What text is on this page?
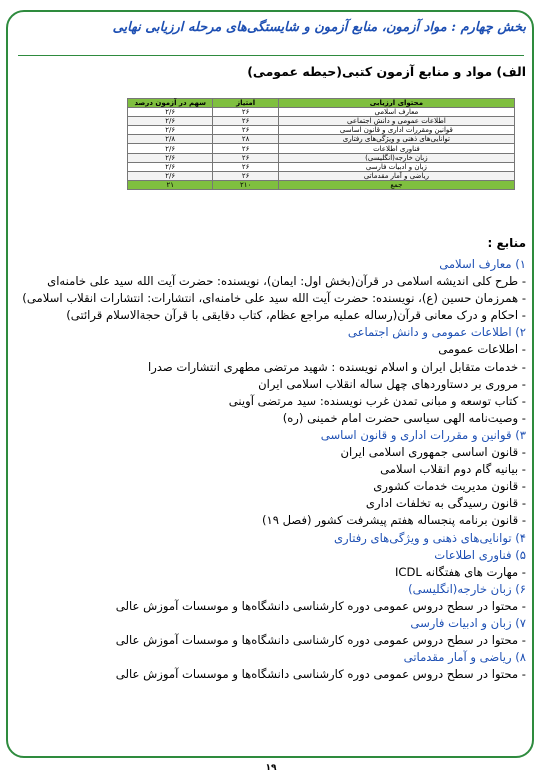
بخش چهارم : مواد آزمون، منابع آزمون و شایستگی‌های مرحله ارزیابی نهایی
الف) مواد و منابع آزمون کتبی(حیطه عمومی)
محتوای ارزیابی	امتیاز	سهم در آزمون درصد
معارف اسلامی	۲۶	۲/۶
اطلاعات عمومی و دانش اجتماعی	۲۶	۲/۶
قوانین ومقررات اداری و قانون اساسی	۲۶	۲/۶
توانایی‌های ذهنی و ویژگی‌های رفتاری	۲۸	۲/۸
فناوری اطلاعات	۲۶	۲/۶
زبان خارجه(انگلیسی)	۲۶	۲/۶
زبان و ادبیات فارسی	۲۶	۲/۶
ریاضی و آمار مقدماتی	۲۶	۲/۶
جمع	۲۱۰	۲۱
منابع :
۱) معارف اسلامی
- طرح کلی اندیشه اسلامی در قرآن(بخش اول: ایمان)، نویسنده: حضرت آیت الله سید علی خامنه‌ای
- همرزمان حسین (ع)، نویسنده: حضرت آیت الله سید علی خامنه‌ای، انتشارات: انتشارات انقلاب اسلامی)
- احکام و درک معانی قرآن(رساله عملیه مراجع عظام، کتاب دقایقی با قرآن حجةالاسلام قرائتی)
۲) اطلاعات عمومی و دانش اجتماعی
- اطلاعات عمومی
- خدمات متقابل ایران و اسلام نویسنده : شهید مرتضی مطهری انتشارات صدرا
- مروری بر دستاوردهای چهل ساله انقلاب اسلامی ایران
- کتاب توسعه و مبانی تمدن غرب نویسنده: سید مرتضی آوینی
- وصیت‌نامه الهی سیاسی حضرت امام خمینی (ره)
۳) قوانین و مقررات اداری و قانون اساسی
- قانون اساسی جمهوری اسلامی ایران
- بیانیه گام دوم انقلاب اسلامی
- قانون مدیریت خدمات کشوری
- قانون رسیدگی به تخلفات اداری
- قانون برنامه پنجساله هفتم پیشرفت کشور (فصل ۱۹)
۴) توانایی‌های ذهنی و ویژگی‌های رفتاری
۵) فناوری اطلاعات
- مهارت های هفتگانه ICDL
۶) زبان خارجه(انگلیسی)
- محتوا در سطح دروس عمومی دوره کارشناسی دانشگاه‌ها و موسسات آموزش عالی
۷) زبان و ادبیات فارسی
- محتوا در سطح دروس عمومی دوره کارشناسی دانشگاه‌ها و موسسات آموزش عالی
۸) ریاضی و آمار مقدماتی
- محتوا در سطح دروس عمومی دوره کارشناسی دانشگاه‌ها و موسسات آموزش عالی
۱۹
